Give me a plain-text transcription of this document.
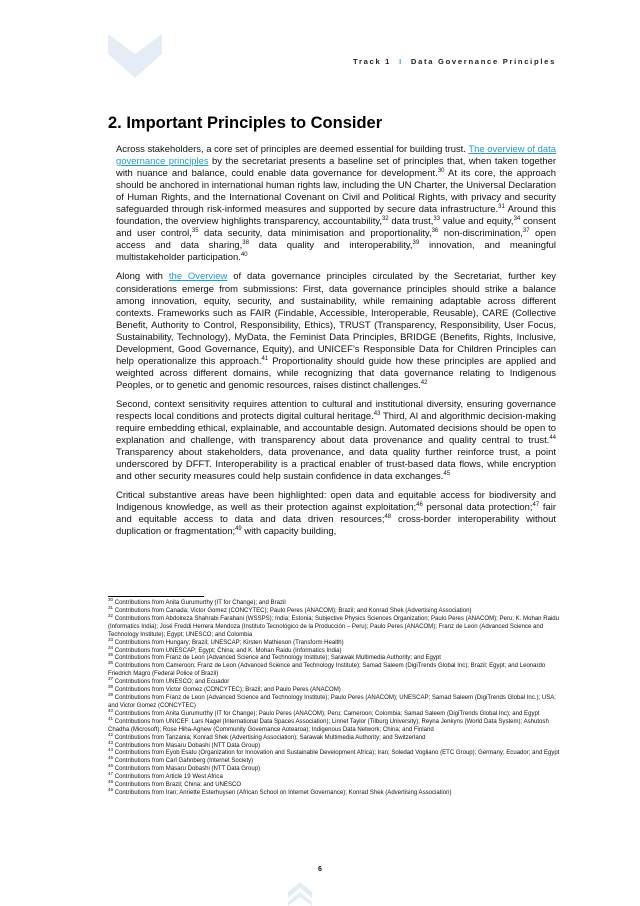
Track 1 I Data Governance Principles
2. Important Principles to Consider

Across stakeholders, a core set of principles are deemed essential for building trust. The overview of data governance principles by the secretariat presents a baseline set of principles that, when taken together with nuance and balance, could enable data governance for development.$^{30}$ At its core, the approach should be anchored in international human rights law, including the UN Charter, the Universal Declaration of Human Rights, and the International Covenant on Civil and Political Rights, with privacy and security safeguarded through risk-informed measures and supported by secure data infrastructure.$^{31}$ Around this foundation, the overview highlights transparency, accountability,$^{32}$ data trust,$^{33}$ value and equity,$^{34}$ consent and user control,$^{35}$ data security, data minimisation and proportionality,$^{36}$ non-discrimination,$^{37}$ open access and data sharing,$^{38}$ data quality and interoperability,$^{39}$ innovation, and meaningful multistakeholder participation.$^{40}$

Along with the Overview of data governance principles circulated by the Secretariat, further key considerations emerge from submissions: First, data governance principles should strike a balance among innovation, equity, security, and sustainability, while remaining adaptable across different contexts. Frameworks such as FAIR (Findable, Accessible, Interoperable, Reusable), CARE (Collective Benefit, Authority to Control, Responsibility, Ethics), TRUST (Transparency, Responsibility, User Focus, Sustainability, Technology), MyData, the Feminist Data Principles, BRIDGE (Benefits, Rights, Inclusive, Development, Good Governance, Equity), and UNICEF’s Responsible Data for Children Principles can help operationalize this approach.$^{41}$ Proportionality should guide how these principles are applied and weighted across different domains, while recognizing that data governance relating to Indigenous Peoples, or to genetic and genomic resources, raises distinct challenges.$^{42}$

Second, context sensitivity requires attention to cultural and institutional diversity, ensuring governance respects local conditions and protects digital cultural heritage.$^{43}$ Third, AI and algorithmic decision-making require embedding ethical, explainable, and accountable design. Automated decisions should be open to explanation and challenge, with transparency about data provenance and quality central to trust.$^{44}$ Transparency about stakeholders, data provenance, and data quality further reinforce trust, a point underscored by DFFT. Interoperability is a practical enabler of trust-based data flows, while encryption and other security measures could help sustain confidence in data exchanges.$^{45}$

Critical substantive areas have been highlighted: open data and equitable access for biodiversity and Indigenous knowledge, as well as their protection against exploitation;$^{46}$ personal data protection;$^{47}$ fair and equitable access to data and data driven resources;$^{48}$ cross-border interoperability without duplication or fragmentation;$^{49}$ with capacity building,

$^{30}$ Contributions from Anita Gurumurthy (IT for Change); and Brazil

$^{31}$ Contributions from Canada; Victor Gomez (CONCYTEC); Paulo Peres (ANACOM); Brazil; and Konrad Shek (Advertising Association)

$^{32}$ Contributions from Abdolreza Shahrabi Farahani (WSSPS); India; Estonia; Subjective Physics Sciences Organization; Paulo Peres (ANACOM); Peru; K. Mohan Raidu (Informatics India); José Freddi Herrera Mendoza (Instituto Tecnológico de la Producción – Peru); Paulo Peres (ANACOM); Franz de Leon (Advanced Science and Technology Institute); Egypt; UNESCO; and Colombia

$^{33}$ Contributions from Hungary; Brazil; UNESCAP; Kirsten Mathieson (Transform Health)

$^{34}$ Contributions from UNESCAP; Egypt; China; and K. Mohan Raidu (Informatics India)

$^{35}$ Contributions from Franz de Leon (Advanced Science and Technology Institute); Sarawak Multimedia Authority; and Egypt

$^{36}$ Contributions from Cameroon; Franz de Leon (Advanced Science and Technology Institute); Samad Saleem (DigiTrends Global Inc); Brazil; Egypt; and Leonardo Friedrich Magro (Federal Police of Brazil)

$^{37}$ Contributions from UNESCO; and Ecuador

$^{38}$ Contributions from Victor Gomez (CONCYTEC); Brazil; and Paulo Peres (ANACOM)

$^{39}$ Contributions from Franz de Leon (Advanced Science and Technology Institute); Paulo Peres (ANACOM); UNESCAP; Samad Saleem (DigiTrends Global Inc.); USA; and Victor Gomez (CONCYTEC)

$^{40}$ Contributions from Anita Gurumurthy (IT for Change); Paulo Peres (ANACOM); Peru; Cameroon; Colombia; Samad Saleem (DigiTrends Global Inc); and Egypt

$^{41}$ Contributions from UNICEF: Lars Nagel (International Data Spaces Association); Linnet Taylor (Tilburg University); Reyna Jenkyns (World Data System); Ashutosh Chadha (Microsoft); Rose Hiha-Agnew (Community Governance Aotearoa); Indigenous Data Network; China; and Finland

$^{42}$ Contributions from Tanzania; Konrad Shek (Advertising Association); Sarawak Multimedia Authority; and Switzerland

$^{43}$ Contributions from Masaru Dobashi (NTT Data Group)

$^{44}$ Contributions from Eyob Esatu (Organization for Innovation and Sustainable Development Africa); Iran; Soledad Vogliano (ETC Group); Germany; Ecuador; and Egypt

$^{45}$ Contributions from Carl Gahnberg (Internet Society)

$^{46}$ Contributions from Masaru Dobashi (NTT Data Group)

$^{47}$ Contributions from Article 19 West Africa

$^{48}$ Contributions from Brazil; China; and UNESCO

$^{49}$ Contributions from Iran; Anriette Esterhuysen (African School on Internet Governance); Konrad Shek (Advertising Association)

6
